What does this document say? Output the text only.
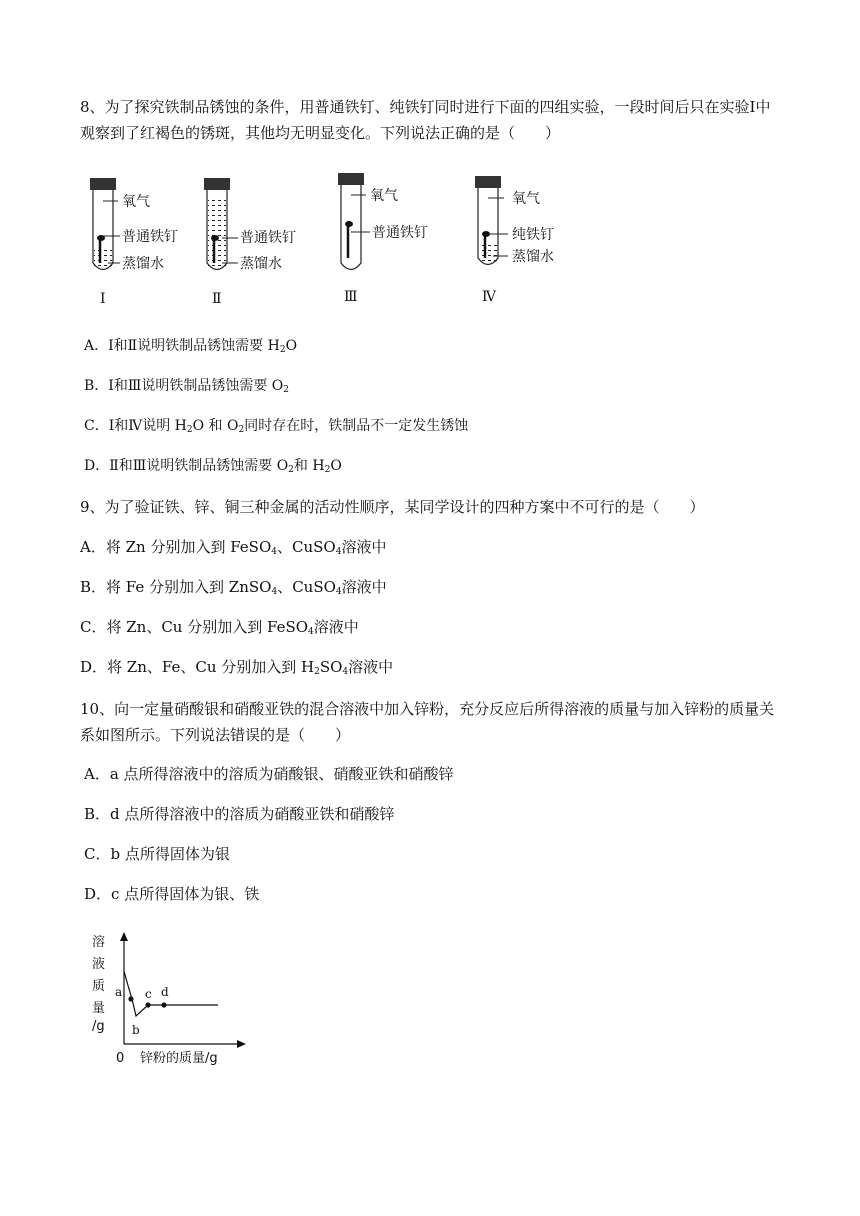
8、为了探究铁制品锈蚀的条件，用普通铁钉、纯铁钉同时进行下面的四组实验，一段时间后只在实验Ⅰ中观察到了红褐色的锈斑，其他均无明显变化。下列说法正确的是（　　）
氧气
普通铁钉
蒸馏水
Ⅰ
普通铁钉
蒸馏水
Ⅱ
氧气
普通铁钉
Ⅲ
氧气
纯铁钉
蒸馏水
Ⅳ
A．Ⅰ和Ⅱ说明铁制品锈蚀需要 $H_2O$
B．Ⅰ和Ⅲ说明铁制品锈蚀需要 $O_2$
C．Ⅰ和Ⅳ说明 $H_2O$ 和 $O_2$同时存在时，铁制品不一定发生锈蚀
D．Ⅱ和Ⅲ说明铁制品锈蚀需要 $O_2$和 $H_2O$
9、为了验证铁、锌、铜三种金属的活动性顺序，某同学设计的四种方案中不可行的是（　　）
A．将 Zn 分别加入到 FeSO$_4$、CuSO$_4$溶液中
B．将 Fe 分别加入到 ZnSO$_4$、CuSO$_4$溶液中
C．将 Zn、Cu 分别加入到 FeSO$_4$溶液中
D．将 Zn、Fe、Cu 分别加入到 $H_2SO_4$溶液中
10、向一定量硝酸银和硝酸亚铁的混合溶液中加入锌粉，充分反应后所得溶液的质量与加入锌粉的质量关系如图所示。下列说法错误的是（　　）
A．a 点所得溶液中的溶质为硝酸银、硝酸亚铁和硝酸锌
B．d 点所得溶液中的溶质为硝酸亚铁和硝酸锌
C．b 点所得固体为银
D．c 点所得固体为银、铁
溶
液
质
量
/g
0 锌粉的质量/g
a
b
c d
